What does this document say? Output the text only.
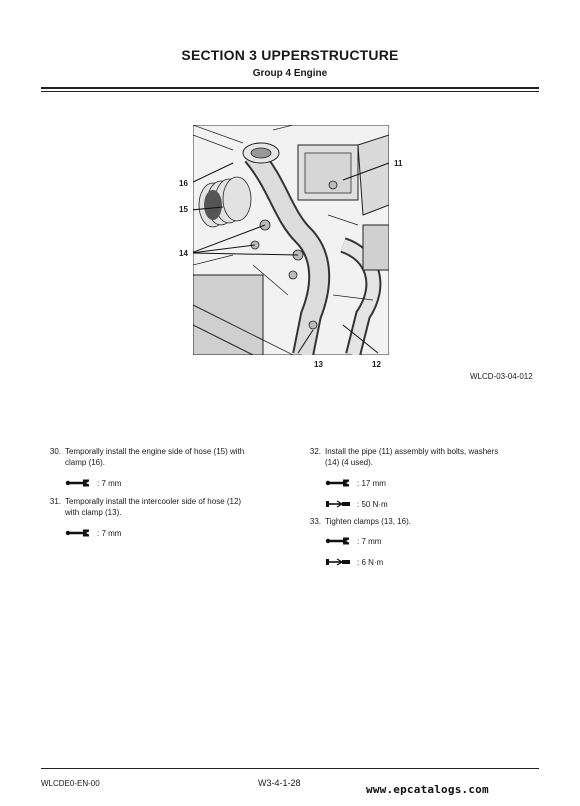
SECTION 3 UPPERSTRUCTURE
Group 4 Engine
16
15
14
11
13	12
WLCD-03-04-012
30. Temporally install the engine side of hose (15) with
clamp (16).
: 7 mm
31. Temporally install the intercooler side of hose (12)
with clamp (13).
: 7 mm
32. Install the pipe (11) assembly with bolts, washers
(14) (4 used).
: 17 mm
: 50 N·m
33. Tighten clamps (13, 16).
: 7 mm
: 6 N·m
WLCDE0-EN-00	W3-4-1-28	www.epcatalogs.com
